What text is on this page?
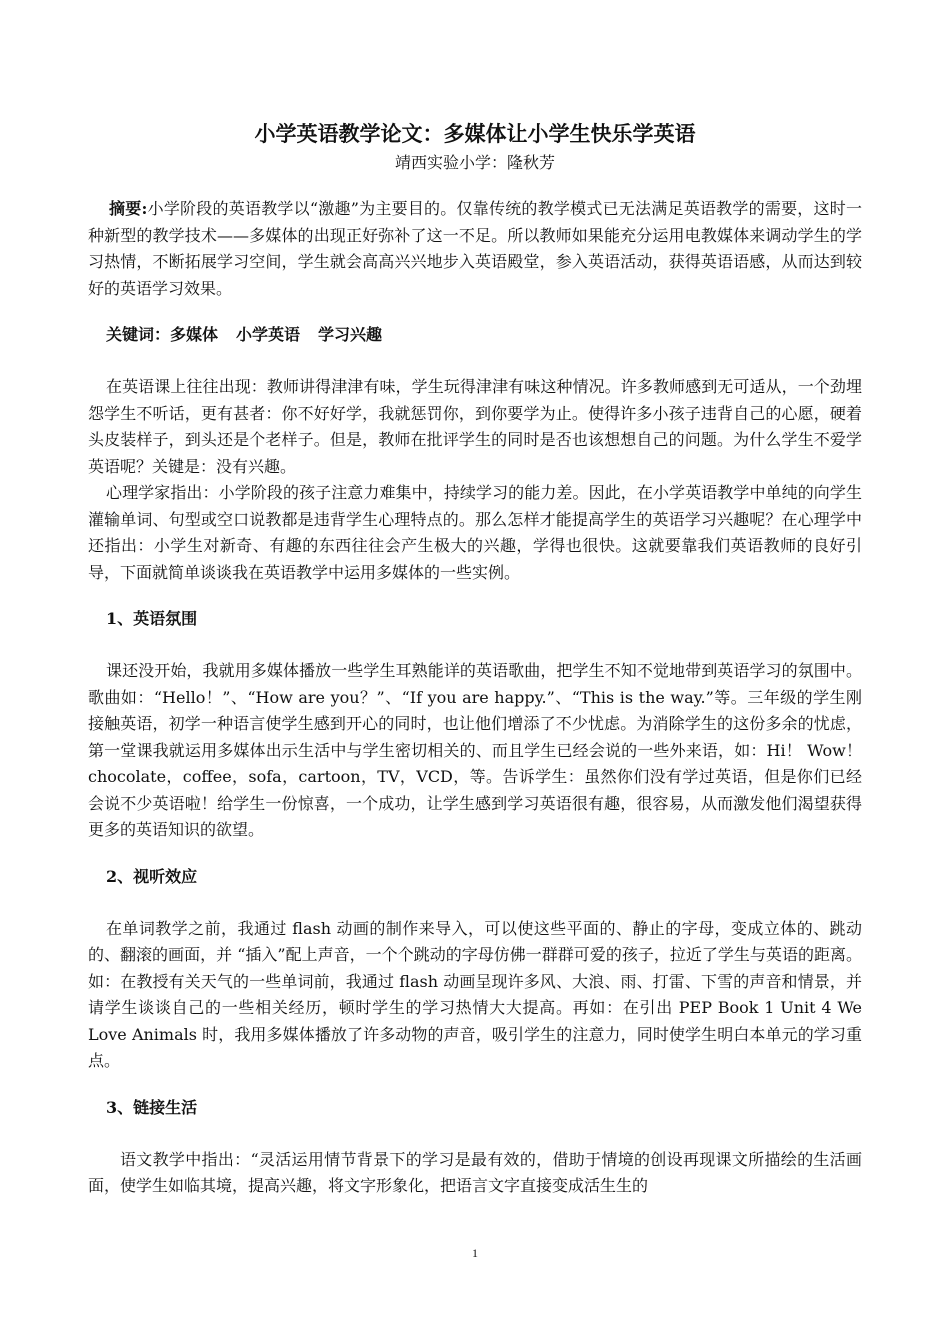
小学英语教学论文：多媒体让小学生快乐学英语
靖西实验小学：隆秋芳

摘要:小学阶段的英语教学以“激趣”为主要目的。仅靠传统的教学模式已无法满足英语教学的需要，这时一种新型的教学技术——多媒体的出现正好弥补了这一不足。所以教师如果能充分运用电教媒体来调动学生的学习热情，不断拓展学习空间，学生就会高高兴兴地步入英语殿堂，参入英语活动，获得英语语感，从而达到较好的英语学习效果。

关键词：多媒体 小学英语 学习兴趣

在英语课上往往出现：教师讲得津津有味，学生玩得津津有味这种情况。许多教师感到无可适从，一个劲埋怨学生不听话，更有甚者：你不好好学，我就惩罚你，到你要学为止。使得许多小孩子违背自己的心愿，硬着头皮装样子，到头还是个老样子。但是，教师在批评学生的同时是否也该想想自己的问题。为什么学生不爱学英语呢？关键是：没有兴趣。

心理学家指出：小学阶段的孩子注意力难集中，持续学习的能力差。因此，在小学英语教学中单纯的向学生灌输单词、句型或空口说教都是违背学生心理特点的。那么怎样才能提高学生的英语学习兴趣呢？在心理学中还指出：小学生对新奇、有趣的东西往往会产生极大的兴趣，学得也很快。这就要靠我们英语教师的良好引导，下面就简单谈谈我在英语教学中运用多媒体的一些实例。

1、英语氛围

课还没开始，我就用多媒体播放一些学生耳熟能详的英语歌曲，把学生不知不觉地带到英语学习的氛围中。歌曲如：“Hello！”、“How are you？”、“If you are happy.”、“This is the way.”等。三年级的学生刚接触英语，初学一种语言使学生感到开心的同时，也让他们增添了不少忧虑。为消除学生的这份多余的忧虑，第一堂课我就运用多媒体出示生活中与学生密切相关的、而且学生已经会说的一些外来语，如：Hi！ Wow！ chocolate，coffee，sofa，cartoon，TV，VCD，等。告诉学生：虽然你们没有学过英语，但是你们已经会说不少英语啦！给学生一份惊喜，一个成功，让学生感到学习英语很有趣，很容易，从而激发他们渴望获得更多的英语知识的欲望。

2、视听效应

在单词教学之前，我通过 flash 动画的制作来导入，可以使这些平面的、静止的字母，变成立体的、跳动的、翻滚的画面，并 “插入”配上声音，一个个跳动的字母仿佛一群群可爱的孩子，拉近了学生与英语的距离。如：在教授有关天气的一些单词前，我通过 flash 动画呈现许多风、大浪、雨、打雷、下雪的声音和情景，并请学生谈谈自己的一些相关经历，顿时学生的学习热情大大提高。再如：在引出 PEP Book 1 Unit 4 We Love Animals 时，我用多媒体播放了许多动物的声音，吸引学生的注意力，同时使学生明白本单元的学习重点。

3、链接生活

语文教学中指出：“灵活运用情节背景下的学习是最有效的，借助于情境的创设再现课文所描绘的生活画面，使学生如临其境，提高兴趣，将文字形象化，把语言文字直接变成活生生的

1
